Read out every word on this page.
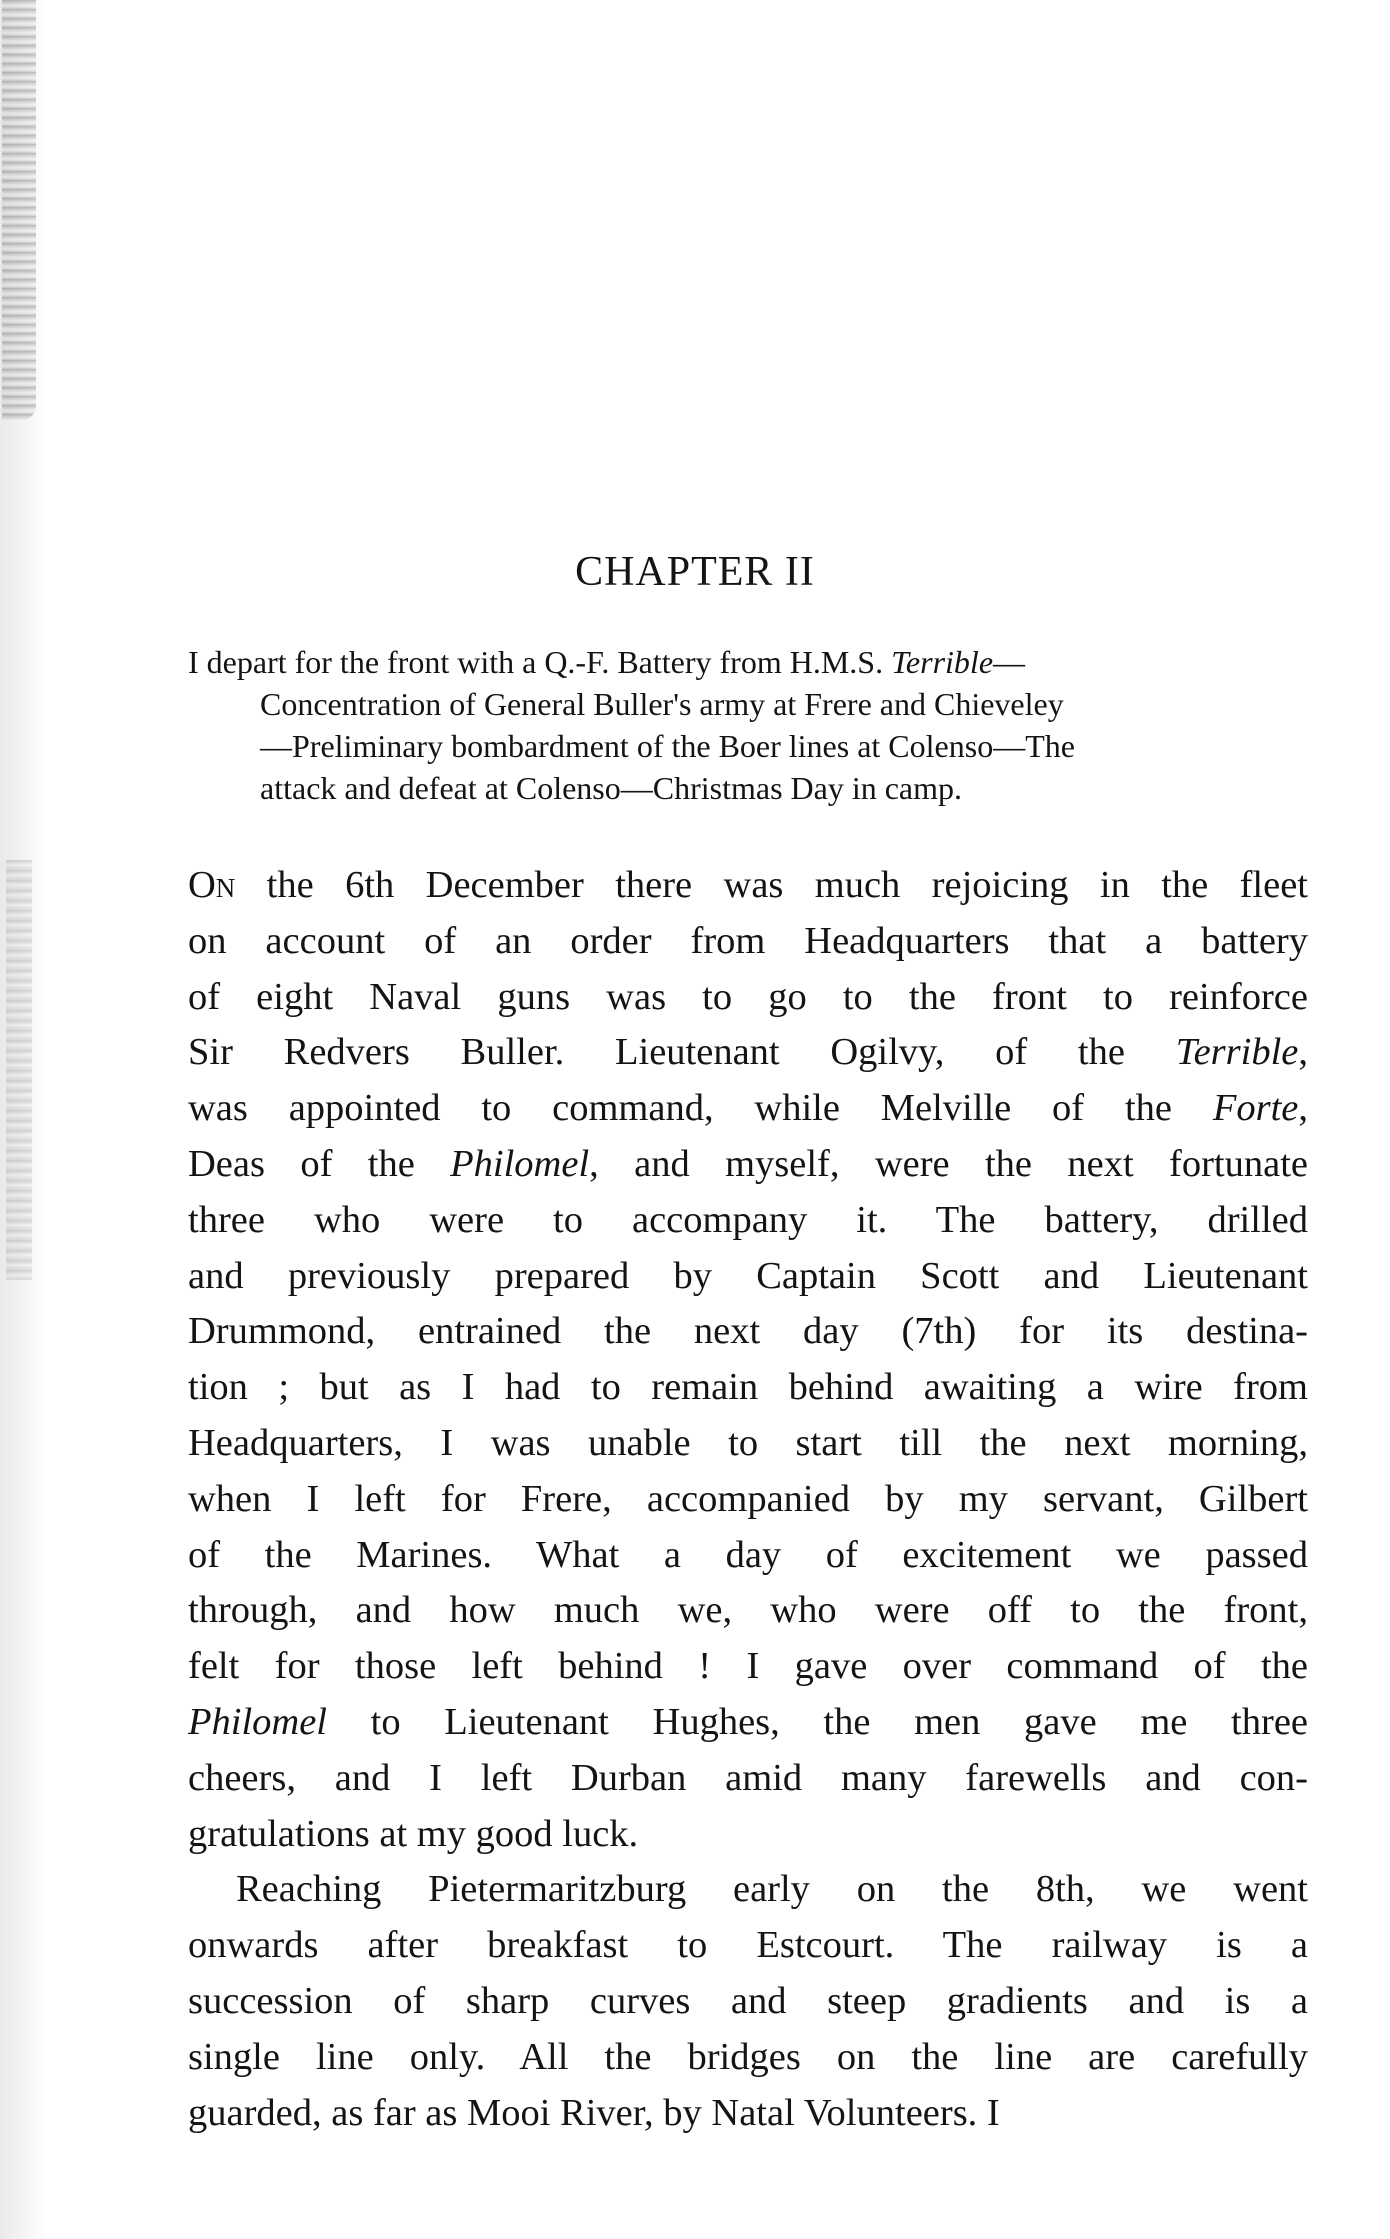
CHAPTER II
I depart for the front with a Q.-F. Battery from H.M.S. Terrible—
Concentration of General Buller's army at Frere and Chieveley
—Preliminary bombardment of the Boer lines at Colenso—The
attack and defeat at Colenso—Christmas Day in camp.
On the 6th December there was much rejoicing in the fleet
on account of an order from Headquarters that a battery
of eight Naval guns was to go to the front to reinforce
Sir Redvers Buller. Lieutenant Ogilvy, of the Terrible,
was appointed to command, while Melville of the Forte,
Deas of the Philomel, and myself, were the next fortunate
three who were to accompany it. The battery, drilled
and previously prepared by Captain Scott and Lieutenant
Drummond, entrained the next day (7th) for its destina-
tion ; but as I had to remain behind awaiting a wire from
Headquarters, I was unable to start till the next morning,
when I left for Frere, accompanied by my servant, Gilbert
of the Marines. What a day of excitement we passed
through, and how much we, who were off to the front,
felt for those left behind ! I gave over command of the
Philomel to Lieutenant Hughes, the men gave me three
cheers, and I left Durban amid many farewells and con-
gratulations at my good luck.
Reaching Pietermaritzburg early on the 8th, we went
onwards after breakfast to Estcourt. The railway is a
succession of sharp curves and steep gradients and is a
single line only. All the bridges on the line are carefully
guarded, as far as Mooi River, by Natal Volunteers. I
